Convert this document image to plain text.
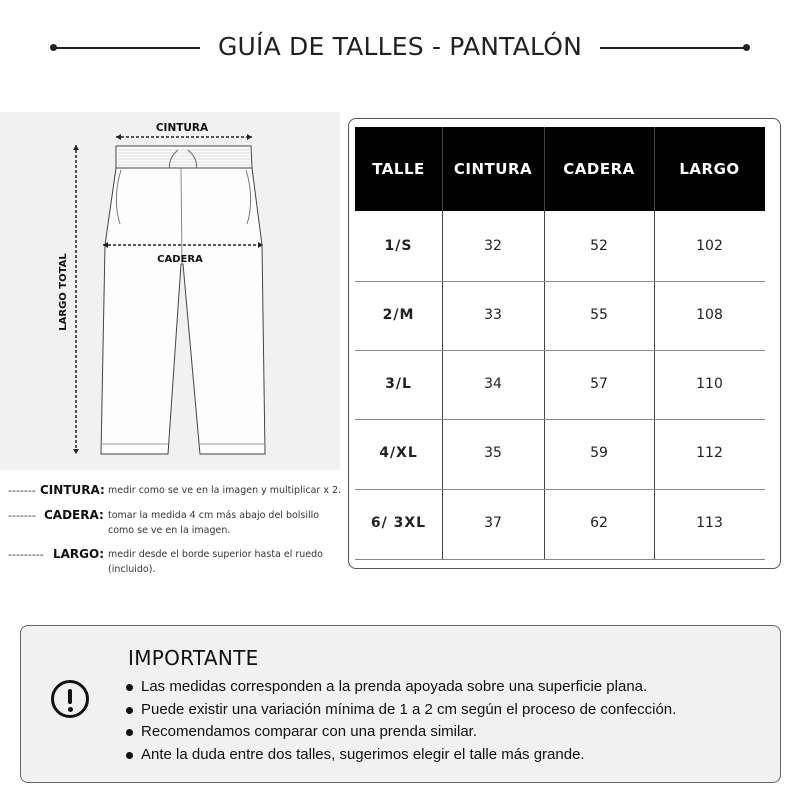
GUÍA DE TALLES - PANTALÓN
CINTURA
CADERA
LARGO TOTAL
------- CINTURA: medir como se ve en la imagen y multiplicar x 2.
------- CADERA: tomar la medida 4 cm más abajo del bolsillo
como se ve en la imagen.
--------- LARGO: medir desde el borde superior hasta el ruedo
(incluido).
TALLE	CINTURA	CADERA	LARGO
1/S	32	52	102
2/M	33	55	108
3/L	34	57	110
4/XL	35	59	112
6/ 3XL	37	62	113
IMPORTANTE
Las medidas corresponden a la prenda apoyada sobre una superficie plana.
Puede existir una variación mínima de 1 a 2 cm según el proceso de confección.
Recomendamos comparar con una prenda similar.
Ante la duda entre dos talles, sugerimos elegir el talle más grande.
